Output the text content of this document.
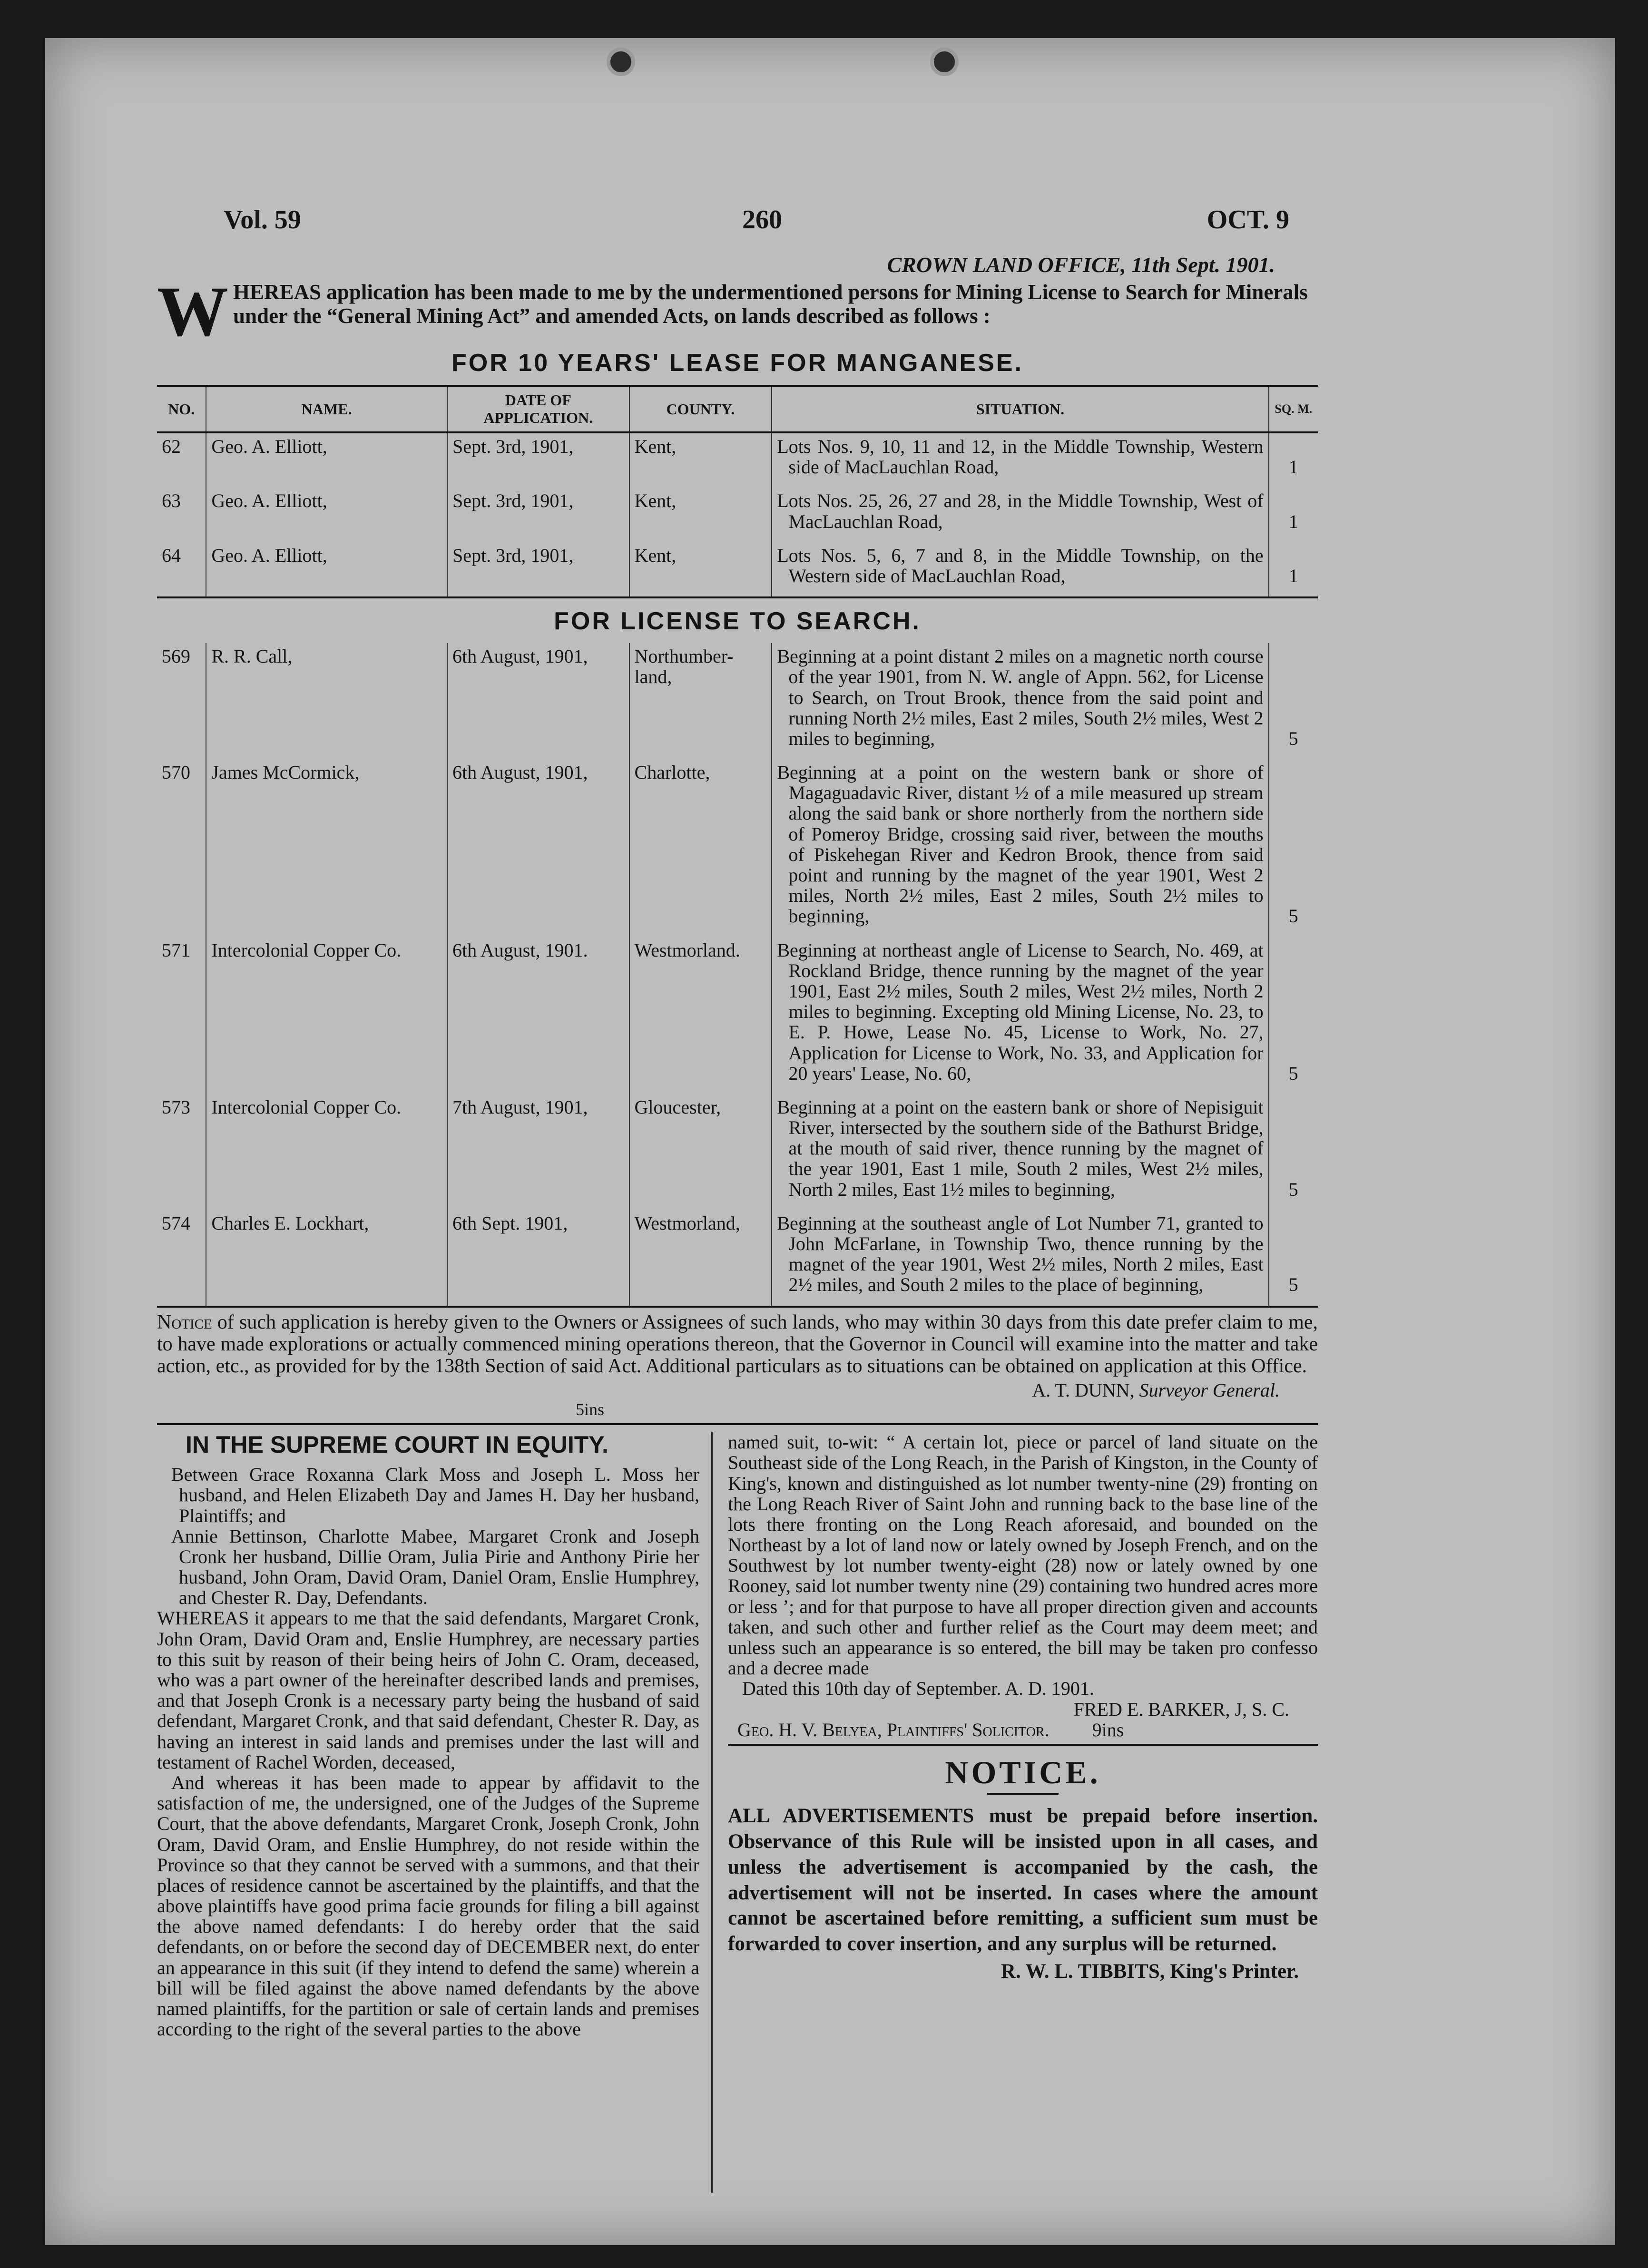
Vol. 59	260	OCT. 9
CROWN LAND OFFICE, 11th Sept. 1901.
W HEREAS application has been made to me by the undermentioned persons for Mining License to Search for Minerals under the “General Mining Act” and amended Acts, on lands described as follows :
FOR 10 YEARS' LEASE FOR MANGANESE.
NO.	NAME.	DATE OF APPLICATION.	COUNTY.	SITUATION.	SQ. M.
62	Geo. A. Elliott,	Sept. 3rd, 1901,	Kent,	Lots Nos. 9, 10, 11 and 12, in the Middle Township, Western side of MacLauchlan Road,	1
63	Geo. A. Elliott,	Sept. 3rd, 1901,	Kent,	Lots Nos. 25, 26, 27 and 28, in the Middle Township, West of MacLauchlan Road,	1
64	Geo. A. Elliott,	Sept. 3rd, 1901,	Kent,	Lots Nos. 5, 6, 7 and 8, in the Middle Township, on the Western side of MacLauchlan Road,	1
FOR LICENSE TO SEARCH.
569	R. R. Call,	6th August, 1901,	Northumber-land,	Beginning at a point distant 2 miles on a magnetic north course of the year 1901, from N. W. angle of Appn. 562, for License to Search, on Trout Brook, thence from the said point and running North 2½ miles, East 2 miles, South 2½ miles, West 2 miles to beginning,	5
570	James McCormick,	6th August, 1901,	Charlotte,	Beginning at a point on the western bank or shore of Magaguadavic River, distant ½ of a mile measured up stream along the said bank or shore northerly from the northern side of Pomeroy Bridge, crossing said river, between the mouths of Piskehegan River and Kedron Brook, thence from said point and running by the magnet of the year 1901, West 2 miles, North 2½ miles, East 2 miles, South 2½ miles to beginning,	5
571	Intercolonial Copper Co.	6th August, 1901.	Westmorland.	Beginning at northeast angle of License to Search, No. 469, at Rockland Bridge, thence running by the magnet of the year 1901, East 2½ miles, South 2 miles, West 2½ miles, North 2 miles to beginning. Excepting old Mining License, No. 23, to E. P. Howe, Lease No. 45, License to Work, No. 27, Application for License to Work, No. 33, and Application for 20 years' Lease, No. 60,	5
573	Intercolonial Copper Co.	7th August, 1901,	Gloucester,	Beginning at a point on the eastern bank or shore of Nepisiguit River, intersected by the southern side of the Bathurst Bridge, at the mouth of said river, thence running by the magnet of the year 1901, East 1 mile, South 2 miles, West 2½ miles, North 2 miles, East 1½ miles to beginning,	5
574	Charles E. Lockhart,	6th Sept. 1901,	Westmorland,	Beginning at the southeast angle of Lot Number 71, granted to John McFarlane, in Township Two, thence running by the magnet of the year 1901, West 2½ miles, North 2 miles, East 2½ miles, and South 2 miles to the place of beginning,	5
Notice of such application is hereby given to the Owners or Assignees of such lands, who may within 30 days from this date prefer claim to me, to have made explorations or actually commenced mining operations thereon, that the Governor in Council will examine into the matter and take action, etc., as provided for by the 138th Section of said Act. Additional particulars as to situations can be obtained on application at this Office.
A. T. DUNN, Surveyor General.
5ins
IN THE SUPREME COURT IN EQUITY.
Between Grace Roxanna Clark Moss and Joseph L. Moss her husband, and Helen Elizabeth Day and James H. Day her husband, Plaintiffs; and
Annie Bettinson, Charlotte Mabee, Margaret Cronk and Joseph Cronk her husband, Dillie Oram, Julia Pirie and Anthony Pirie her husband, John Oram, David Oram, Daniel Oram, Enslie Humphrey, and Chester R. Day, Defendants.
WHEREAS it appears to me that the said defendants, Margaret Cronk, John Oram, David Oram and, Enslie Humphrey, are necessary parties to this suit by reason of their being heirs of John C. Oram, deceased, who was a part owner of the hereinafter described lands and premises, and that Joseph Cronk is a necessary party being the husband of said defendant, Margaret Cronk, and that said defendant, Chester R. Day, as having an interest in said lands and premises under the last will and testament of Rachel Worden, deceased,
And whereas it has been made to appear by affidavit to the satisfaction of me, the undersigned, one of the Judges of the Supreme Court, that the above defendants, Margaret Cronk, Joseph Cronk, John Oram, David Oram, and Enslie Humphrey, do not reside within the Province so that they cannot be served with a summons, and that their places of residence cannot be ascertained by the plaintiffs, and that the above plaintiffs have good prima facie grounds for filing a bill against the above named defendants: I do hereby order that the said defendants, on or before the second day of DECEMBER next, do enter an appearance in this suit (if they intend to defend the same) wherein a bill will be filed against the above named defendants by the above named plaintiffs, for the partition or sale of certain lands and premises according to the right of the several parties to the above
named suit, to-wit: “ A certain lot, piece or parcel of land situate on the Southeast side of the Long Reach, in the Parish of Kingston, in the County of King's, known and distinguished as lot number twenty-nine (29) fronting on the Long Reach River of Saint John and running back to the base line of the lots there fronting on the Long Reach aforesaid, and bounded on the Northeast by a lot of land now or lately owned by Joseph French, and on the Southwest by lot number twenty-eight (28) now or lately owned by one Rooney, said lot number twenty nine (29) containing two hundred acres more or less ’; and for that purpose to have all proper direction given and accounts taken, and such other and further relief as the Court may deem meet; and unless such an appearance is so entered, the bill may be taken pro confesso and a decree made
Dated this 10th day of September. A. D. 1901.
FRED E. BARKER, J, S. C.
Geo. H. V. Belyea, Plaintiffs' Solicitor. 9ins
NOTICE.
ALL ADVERTISEMENTS must be prepaid before insertion. Observance of this Rule will be insisted upon in all cases, and unless the advertisement is accompanied by the cash, the advertisement will not be inserted. In cases where the amount cannot be ascertained before remitting, a sufficient sum must be forwarded to cover insertion, and any surplus will be returned.
R. W. L. TIBBITS, King's Printer.
